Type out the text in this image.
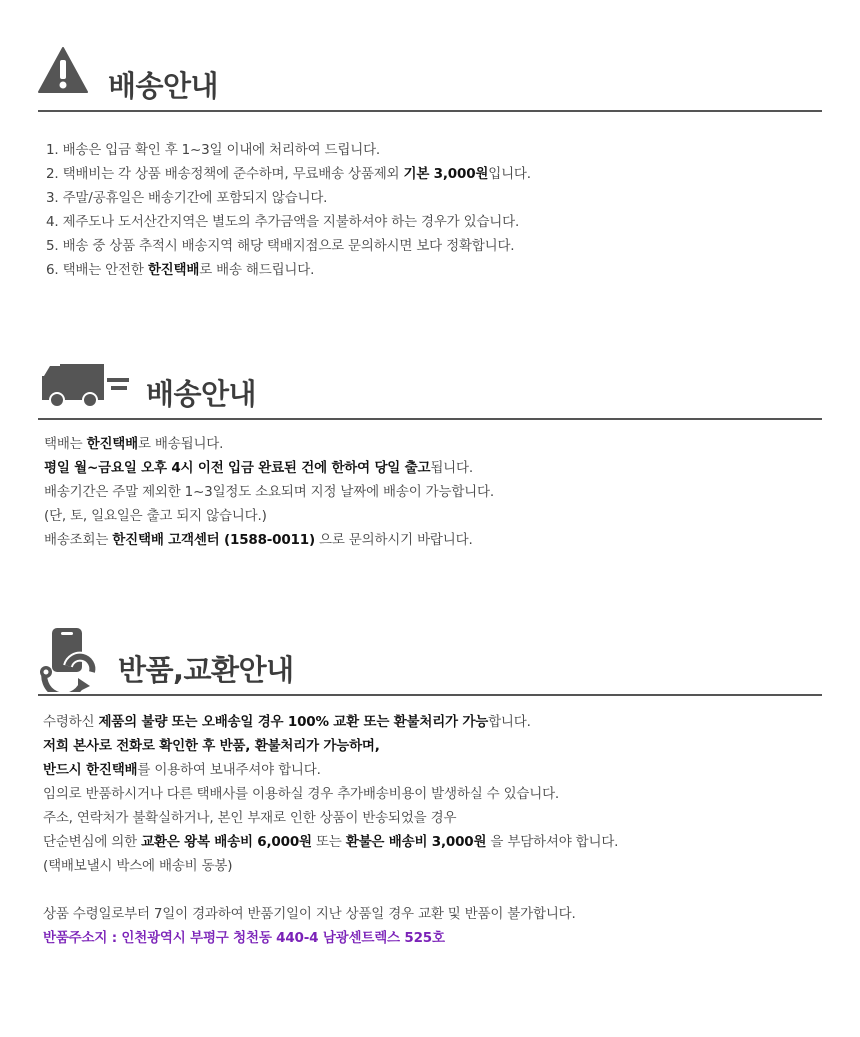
배송안내
1. 배송은 입금 확인 후 1~3일 이내에 처리하여 드립니다.
2. 택배비는 각 상품 배송정책에 준수하며, 무료배송 상품제외 기본 3,000원입니다.
3. 주말/공휴일은 배송기간에 포함되지 않습니다.
4. 제주도나 도서산간지역은 별도의 추가금액을 지불하셔야 하는 경우가 있습니다.
5. 배송 중 상품 추적시 배송지역 해당 택배지점으로 문의하시면 보다 정확합니다.
6. 택배는 안전한 한진택배로 배송 해드립니다.
배송안내
택배는 한진택배로 배송됩니다.
평일 월~금요일 오후 4시 이전 입금 완료된 건에 한하여 당일 출고됩니다.
배송기간은 주말 제외한 1~3일정도 소요되며 지정 날짜에 배송이 가능합니다.
(단, 토, 일요일은 출고 되지 않습니다.)
배송조회는 한진택배 고객센터 (1588-0011) 으로 문의하시기 바랍니다.
반품,교환안내
수령하신 제품의 불량 또는 오배송일 경우 100% 교환 또는 환불처리가 가능합니다.
저희 본사로 전화로 확인한 후 반품, 환불처리가 가능하며,
반드시 한진택배를 이용하여 보내주셔야 합니다.
임의로 반품하시거나 다른 택배사를 이용하실 경우 추가배송비용이 발생하실 수 있습니다.
주소, 연락처가 불확실하거나, 본인 부재로 인한 상품이 반송되었을 경우
단순변심에 의한 교환은 왕복 배송비 6,000원 또는 환불은 배송비 3,000원 을 부담하셔야 합니다.
(택배보낼시 박스에 배송비 동봉)

상품 수령일로부터 7일이 경과하여 반품기일이 지난 상품일 경우 교환 및 반품이 불가합니다.
반품주소지 : 인천광역시 부평구 청천동 440-4 남광센트렉스 525호
